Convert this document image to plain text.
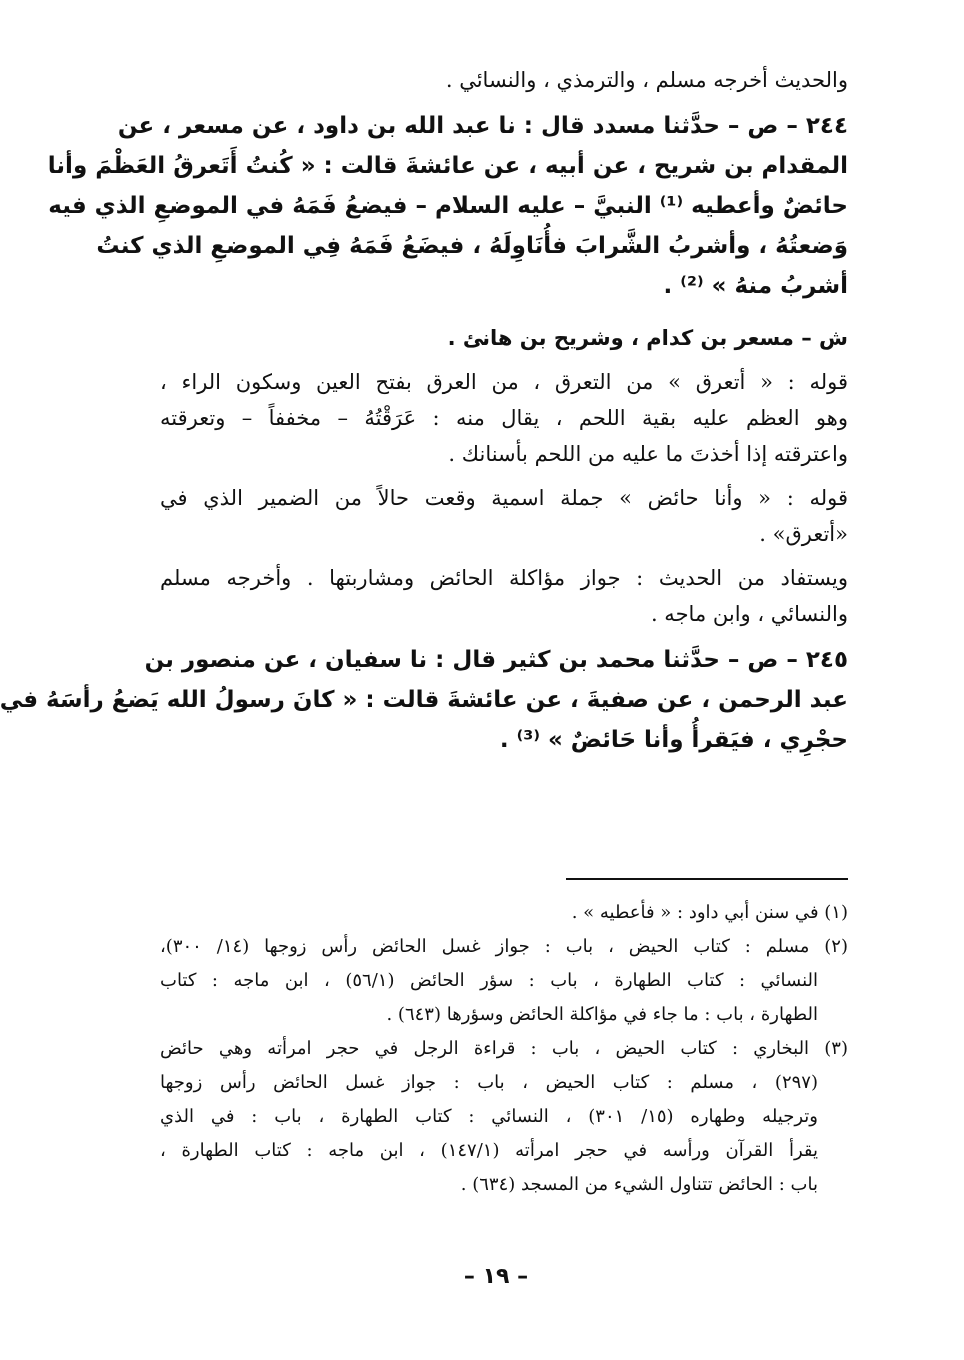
والحديث أخرجه مسلم ، والترمذي ، والنسائي .
٢٤٤ – ص – حدَّثنا مسدد قال : نا عبد الله بن داود ، عن مسعر ، عن
المقدام بن شريح ، عن أبيه ، عن عائشةَ قالت : « كُنتُ أَتَعرقُ العَظْمَ وأنا
حائضٌ وأعطيه ⁽¹⁾ النبيَّ – عليه السلام – فيضعُ فَمَهُ في الموضعِ الذي فيه
وَضعتُهُ ، وأشربُ الشَّرابَ فأُنَاوِلَهُ ، فيضَعُ فَمَهُ فِي الموضعِ الذي كنتُ
أشربُ منهُ » ⁽²⁾ .
ش – مسعر بن كدام ، وشريح بن هانئ .
قوله : « أتعرق » من التعرق ، من العرق بفتح العين وسكون الراء ،
وهو العظم عليه بقية اللحم ، يقال منه : عَرَقْتُهُ – مخففاً – وتعرقته
واعترقته إذا أخذتَ ما عليه من اللحم بأسنانك .
قوله : « وأنا حائض » جملة اسمية وقعت حالاً من الضمير الذي في
«أتعرق» .
ويستفاد من الحديث : جواز مؤاكلة الحائض ومشاربتها . وأخرجه مسلم
والنسائي ، وابن ماجه .
٢٤٥ – ص – حدَّثنا محمد بن كثير قال : نا سفيان ، عن منصور بن
عبد الرحمن ، عن صفيةَ ، عن عائشةَ قالت : « كانَ رسولُ الله يَضعُ رأسَهُ في
حجْرِي ، فيَقرأُ وأنا حَائضٌ » ⁽³⁾ .
(١) في سنن أبي داود : « فأعطيه » .
(٢) مسلم : كتاب الحيض ، باب : جواز غسل الحائض رأس زوجها (١٤/ ٣٠٠)،
النسائي : كتاب الطهارة ، باب : سؤر الحائض (٥٦/١) ، ابن ماجه : كتاب
الطهارة ، باب : ما جاء في مؤاكلة الحائض وسؤرها (٦٤٣) .
(٣) البخاري : كتاب الحيض ، باب : قراءة الرجل في حجر امرأته وهي حائض
(٢٩٧) ، مسلم : كتاب الحيض ، باب : جواز غسل الحائض رأس زوجها
وترجيله وطهاره (١٥/ ٣٠١) ، النسائي : كتاب الطهارة ، باب : في الذي
يقرأ القرآن ورأسه في حجر امرأته (١٤٧/١) ، ابن ماجه : كتاب الطهارة ،
باب : الحائض تتناول الشيء من المسجد (٦٣٤) .
– ١٩ –
